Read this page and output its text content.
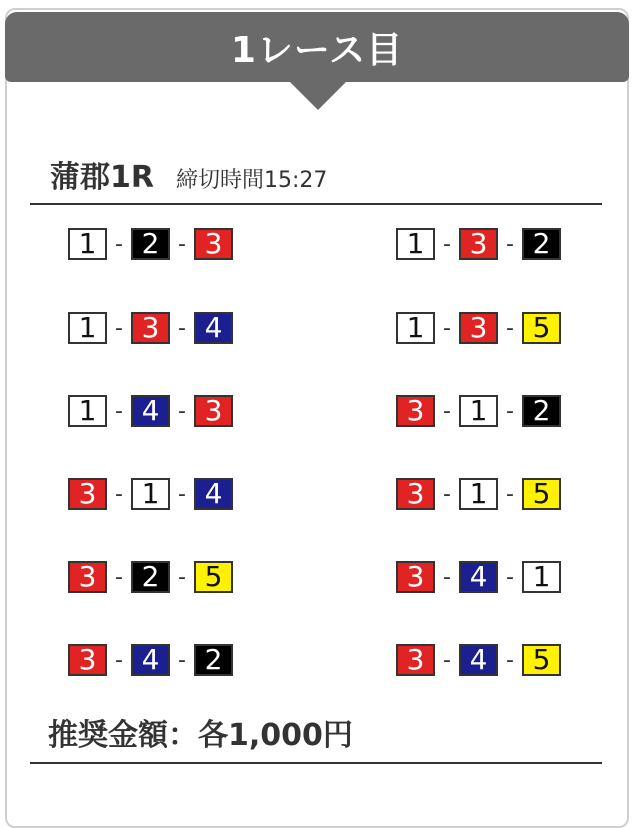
1レース目
蒲郡1R 締切時間15:27
1 - 2 - 3	1 - 3 - 2
1 - 3 - 4	1 - 3 - 5
1 - 4 - 3	3 - 1 - 2
3 - 1 - 4	3 - 1 - 5
3 - 2 - 5	3 - 4 - 1
3 - 4 - 2	3 - 4 - 5
推奨金額：各1,000円
